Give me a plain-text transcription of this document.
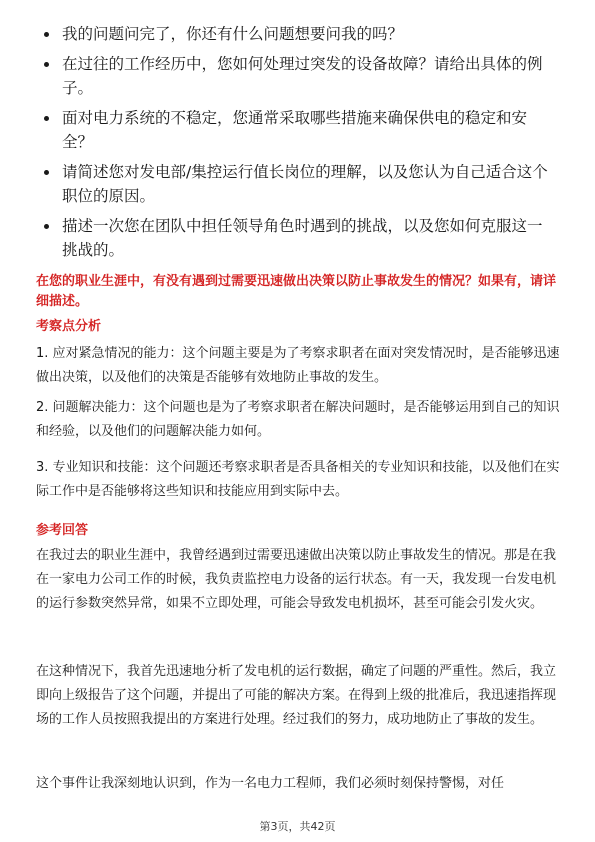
我的问题问完了，你还有什么问题想要问我的吗？
在过往的工作经历中，您如何处理过突发的设备故障？请给出具体的例子。
面对电力系统的不稳定，您通常采取哪些措施来确保供电的稳定和安全？
请简述您对发电部/集控运行值长岗位的理解，以及您认为自己适合这个职位的原因。
描述一次您在团队中担任领导角色时遇到的挑战，以及您如何克服这一挑战的。
在您的职业生涯中，有没有遇到过需要迅速做出决策以防止事故发生的情况？如果有，请详细描述。
考察点分析
1. 应对紧急情况的能力：这个问题主要是为了考察求职者在面对突发情况时，是否能够迅速做出决策，以及他们的决策是否能够有效地防止事故的发生。
2. 问题解决能力：这个问题也是为了考察求职者在解决问题时，是否能够运用到自己的知识和经验，以及他们的问题解决能力如何。
3. 专业知识和技能：这个问题还考察求职者是否具备相关的专业知识和技能，以及他们在实际工作中是否能够将这些知识和技能应用到实际中去。
参考回答
在我过去的职业生涯中，我曾经遇到过需要迅速做出决策以防止事故发生的情况。那是在我在一家电力公司工作的时候，我负责监控电力设备的运行状态。有一天，我发现一台发电机的运行参数突然异常，如果不立即处理，可能会导致发电机损坏，甚至可能会引发火灾。
在这种情况下，我首先迅速地分析了发电机的运行数据，确定了问题的严重性。然后，我立即向上级报告了这个问题，并提出了可能的解决方案。在得到上级的批准后，我迅速指挥现场的工作人员按照我提出的方案进行处理。经过我们的努力，成功地防止了事故的发生。
这个事件让我深刻地认识到，作为一名电力工程师，我们必须时刻保持警惕，对任
第3页，共42页
